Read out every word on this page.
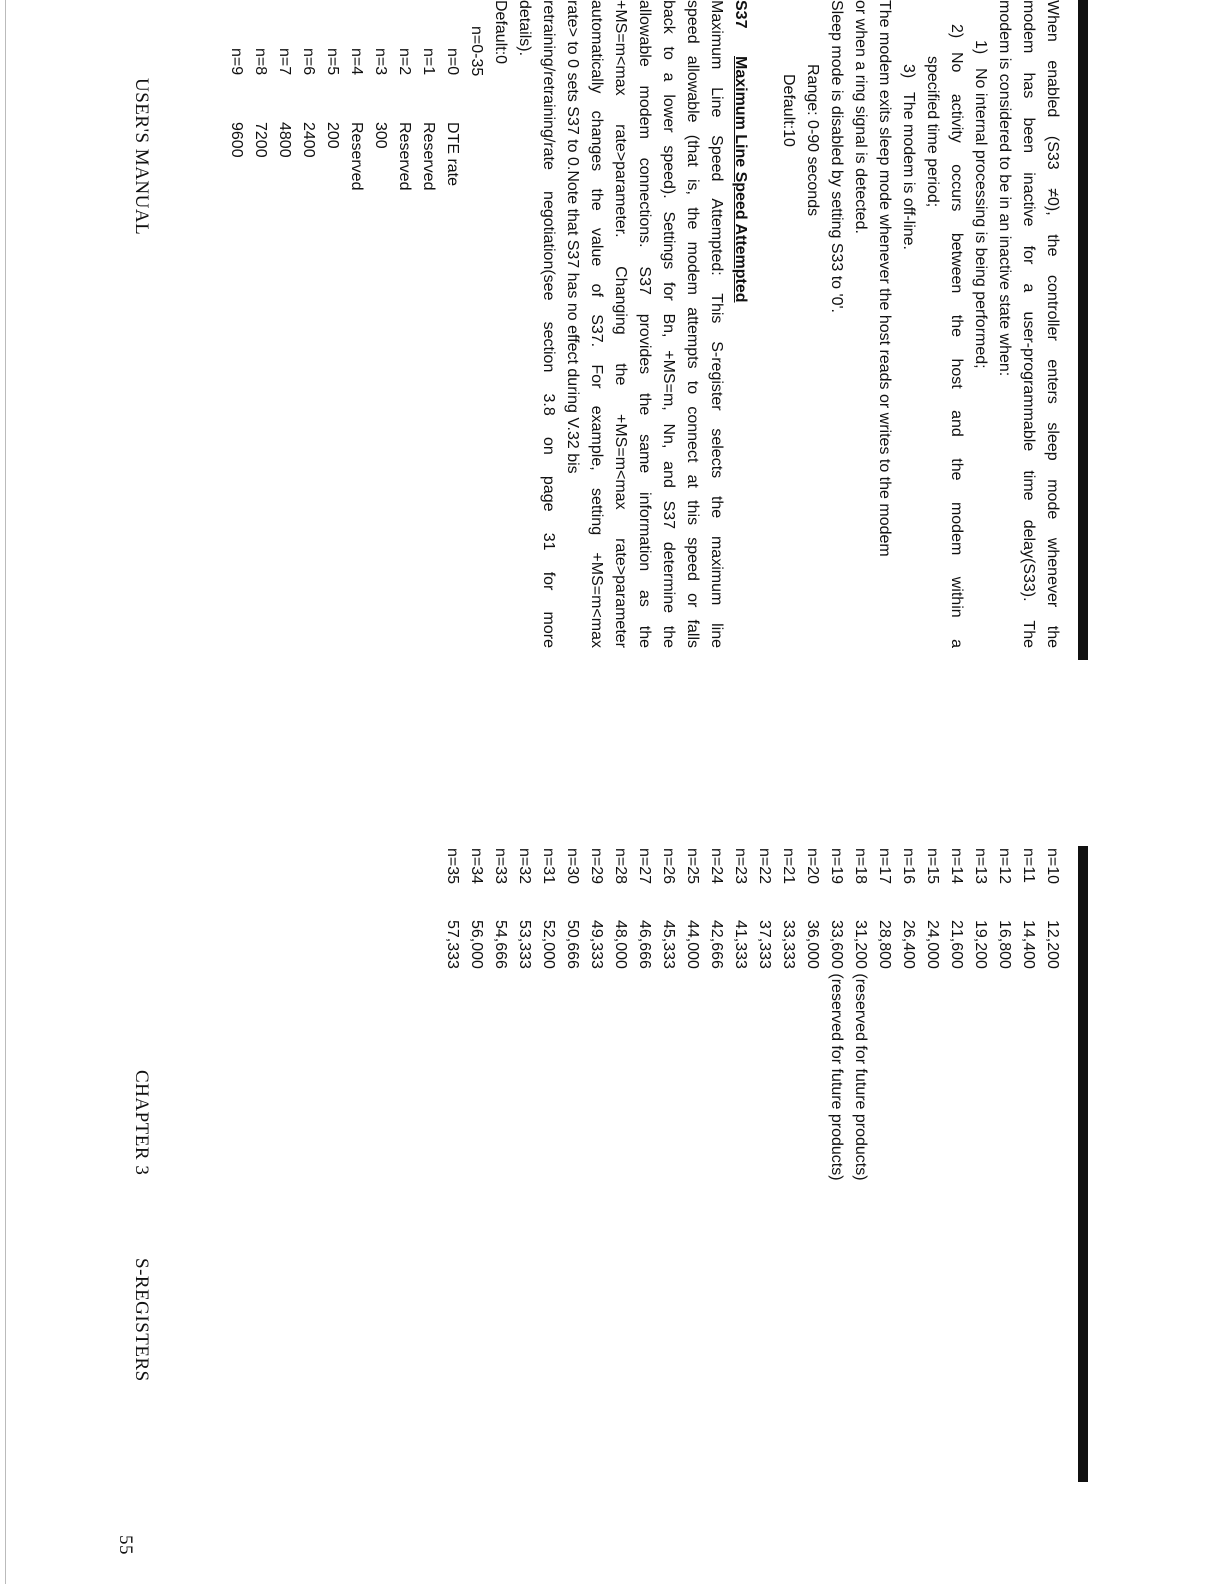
When enabled (S33 ≠0), the controller enters sleep mode whenever the
modem has been inactive for a user-programmable time delay(S33). The
modem is considered to be in an inactive state when:
1)No internal processing is being performed;
2)No activity occurs between the host and the modem within a
specified time period;
3)The modem is off-line.
The modem exits sleep mode whenever the host reads or writes to the modem
or when a ring signal is detected.
Sleep mode is disabled by setting S33 to '0'.
Range: 0-90 seconds
Default:10
S37Maximum Line Speed Attempted
Maximum Line Speed Attempted: This S-register selects the maximum line
speed allowable (that is, the modem attempts to connect at this speed or falls
back to a lower speed). Settings for Bn, +MS=m, Nn, and S37 determine the
allowable modem connections. S37 provides the same information as the
+MS=m<max rate>parameter. Changing the +MS=m<max rate>parameter
automatically changes the value of S37. For example, setting +MS=m<max
rate> to 0 sets S37 to 0.Note that S37 has no effect during V.32 bis
retraining/retraining/rate negotiation(see section 3.8 on page 31 for more
details).
Default:0
n=0-35
n=0	DTE rate
n=1	Reserved
n=2	Reserved
n=3	300
n=4	Reserved
n=5	200
n=6	2400
n=7	4800
n=8	7200
n=9	9600
n=10	12,200
n=11	14,400
n=12	16,800
n=13	19,200
n=14	21,600
n=15	24,000
n=16	26,400
n=17	28,800
n=18	31,200 (reserved for future products)
n=19	33,600 (reserved for future products)
n=20	36,000
n=21	33,333
n=22	37,333
n=23	41,333
n=24	42,666
n=25	44,000
n=26	45,333
n=27	46,666
n=28	48,000
n=29	49,333
n=30	50,666
n=31	52,000
n=32	53,333
n=33	54,666
n=34	56,000
n=35	57,333
USER'S MANUAL
CHAPTER 3
S-REGISTERS
55
